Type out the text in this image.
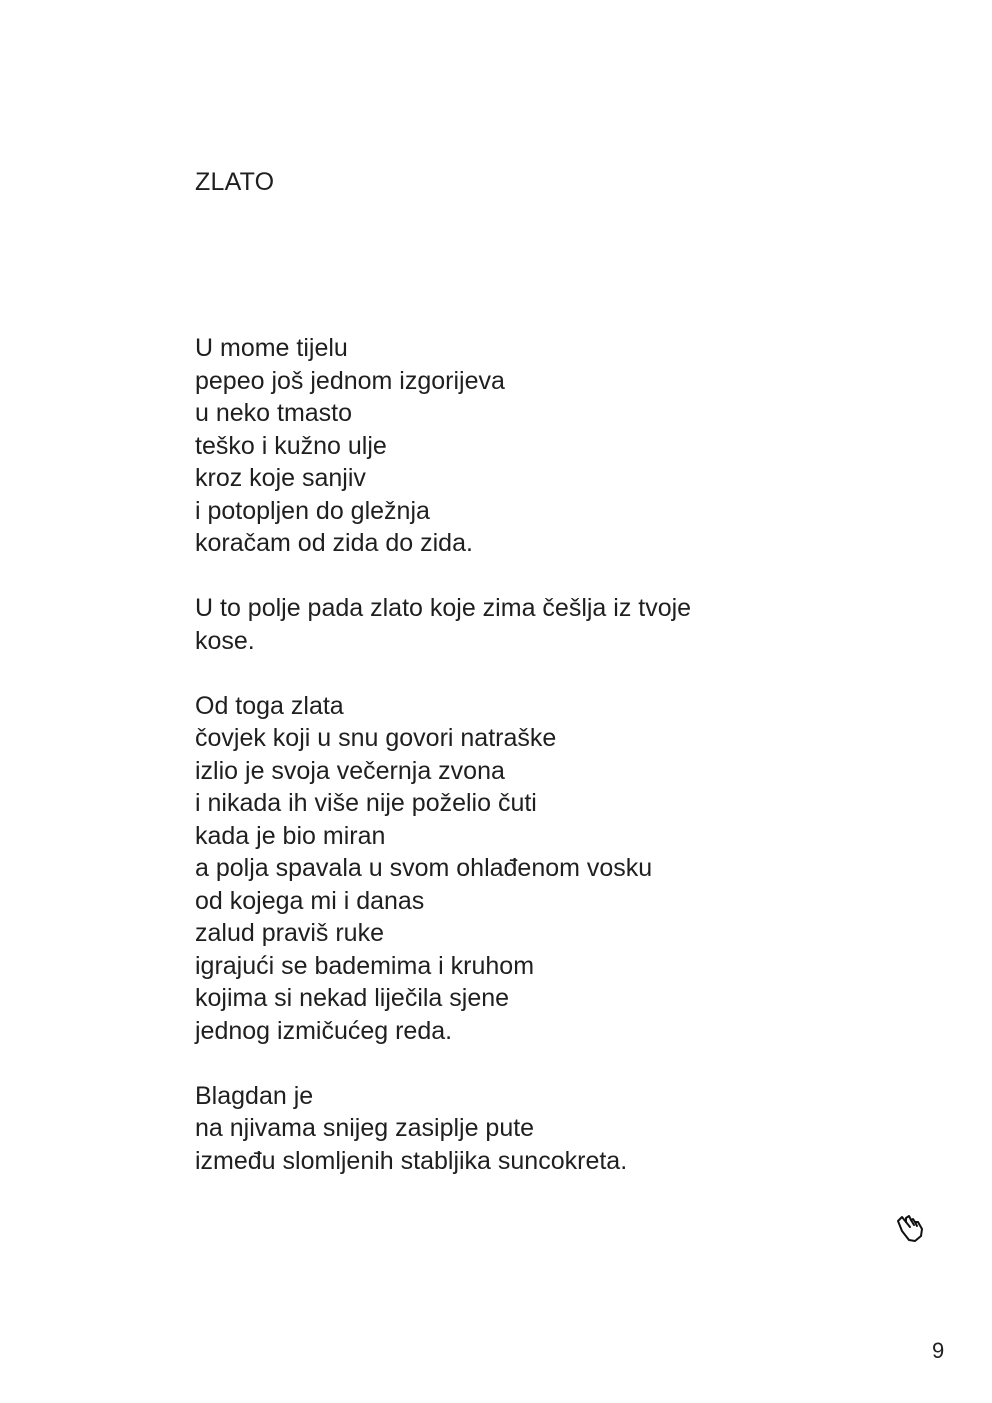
ZLATO
U mome tijelu
pepeo još jednom izgorijeva
u neko tmasto
teško i kužno ulje
kroz koje sanjiv
i potopljen do gležnja
koračam od zida do zida.
U to polje pada zlato koje zima češlja iz tvoje
kose.
Od toga zlata
čovjek koji u snu govori natraške
izlio je svoja večernja zvona
i nikada ih više nije poželio čuti
kada je bio miran
a polja spavala u svom ohlađenom vosku
od kojega mi i danas
zalud praviš ruke
igrajući se bademima i kruhom
kojima si nekad liječila sjene
jednog izmičućeg reda.
Blagdan je
na njivama snijeg zasiplje pute
između slomljenih stabljika suncokreta.
9
